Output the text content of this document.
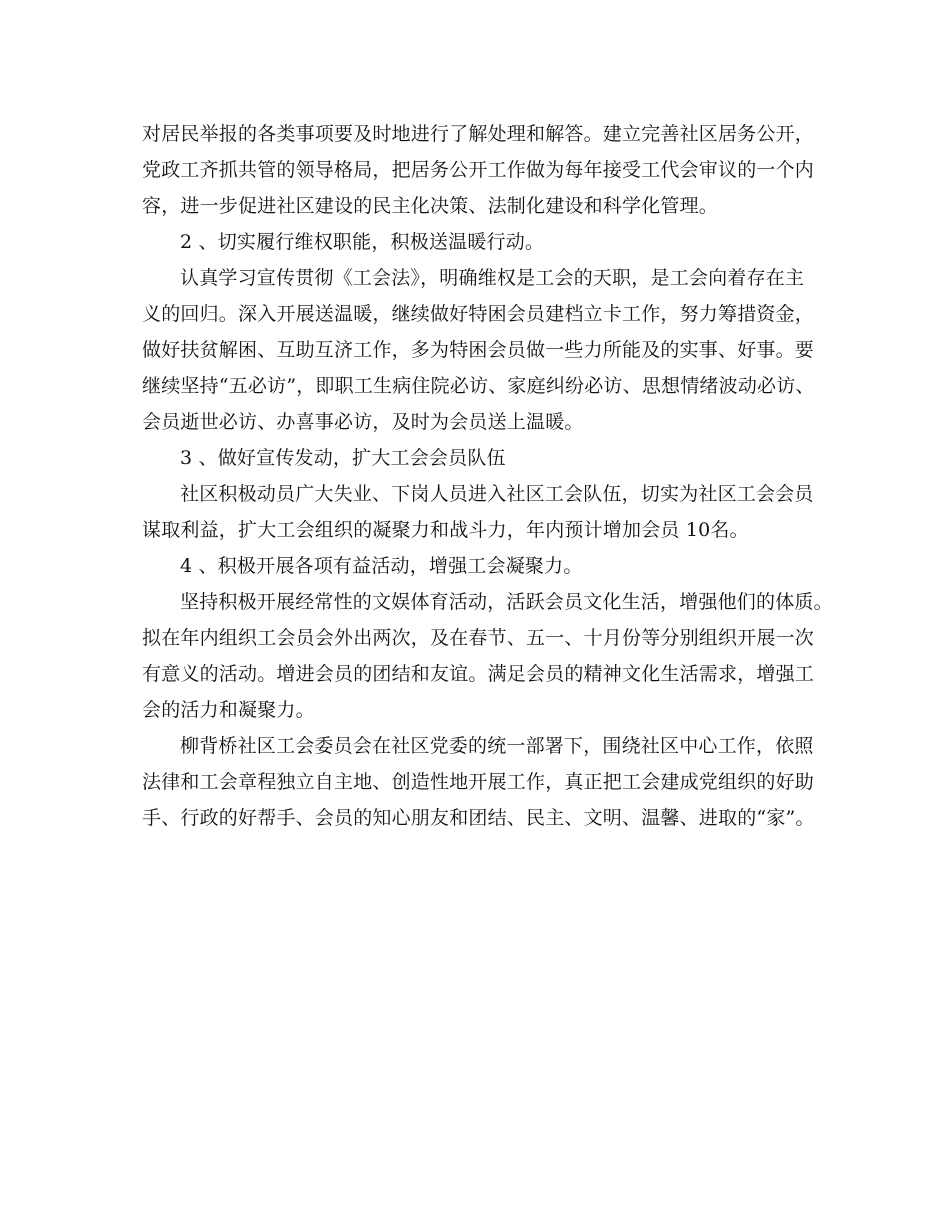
对居民举报的各类事项要及时地进行了解处理和解答。建立完善社区居务公开，
党政工齐抓共管的领导格局，把居务公开工作做为每年接受工代会审议的一个内
容，进一步促进社区建设的民主化决策、法制化建设和科学化管理。
2 、切实履行维权职能，积极送温暖行动。
认真学习宣传贯彻《工会法》，明确维权是工会的天职，是工会向着存在主
义的回归。深入开展送温暖，继续做好特困会员建档立卡工作，努力筹措资金，
做好扶贫解困、互助互济工作，多为特困会员做一些力所能及的实事、好事。要
继续坚持“五必访”，即职工生病住院必访、家庭纠纷必访、思想情绪波动必访、
会员逝世必访、办喜事必访，及时为会员送上温暖。
3 、做好宣传发动，扩大工会会员队伍
社区积极动员广大失业、下岗人员进入社区工会队伍，切实为社区工会会员
谋取利益，扩大工会组织的凝聚力和战斗力，年内预计增加会员 10名。
4 、积极开展各项有益活动，增强工会凝聚力。
坚持积极开展经常性的文娱体育活动，活跃会员文化生活，增强他们的体质。
拟在年内组织工会员会外出两次，及在春节、五一、十月份等分别组织开展一次
有意义的活动。增进会员的团结和友谊。满足会员的精神文化生活需求，增强工
会的活力和凝聚力。
柳背桥社区工会委员会在社区党委的统一部署下，围绕社区中心工作，依照
法律和工会章程独立自主地、创造性地开展工作，真正把工会建成党组织的好助
手、行政的好帮手、会员的知心朋友和团结、民主、文明、温馨、进取的“家”。
